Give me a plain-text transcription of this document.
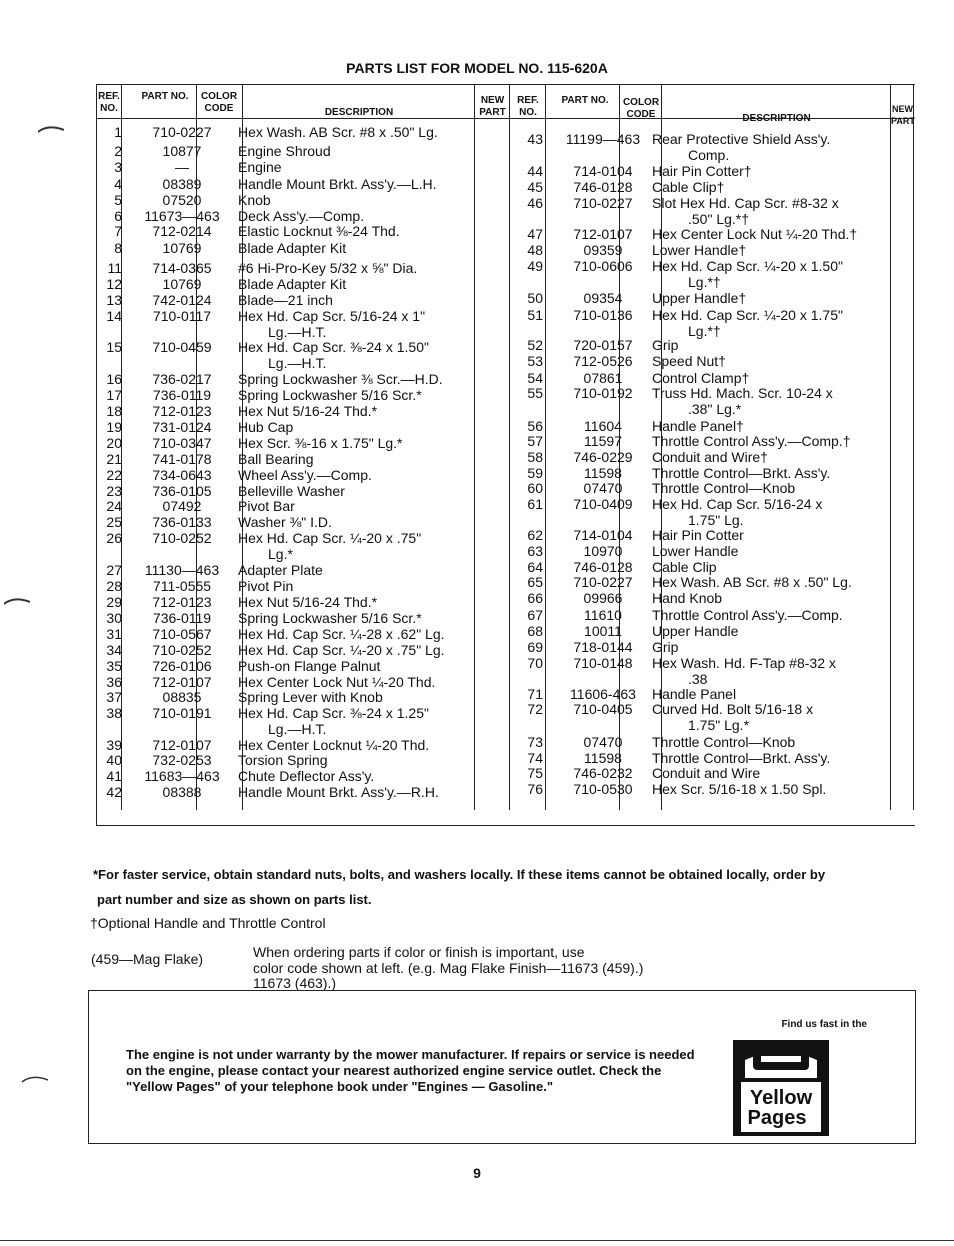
PARTS LIST FOR MODEL NO. 115-620A
REF. NO.
PART NO. COLOR CODE	DESCRIPTION
NEW PART
REF. NO.
PART NO. COLOR CODE	DESCRIPTION
NEW PART
1	710-0227	Hex Wash. AB Scr. #8 x .50" Lg.
2	10877	Engine Shroud
3	—	Engine
4	08389	Handle Mount Brkt. Ass'y.—L.H.
5	07520	Knob
6	11673—463	Deck Ass'y.—Comp.
7	712-0214	Elastic Locknut ⅜-24 Thd.
8	10769	Blade Adapter Kit
11	714-0365	#6 Hi-Pro-Key 5/32 x ⅝" Dia.
12	10769	Blade Adapter Kit
13	742-0124	Blade—21 inch
14	710-0117	Hex Hd. Cap Scr. 5/16-24 x 1"
Lg.—H.T.
15	710-0459	Hex Hd. Cap Scr. ⅜-24 x 1.50"
Lg.—H.T.
16	736-0217	Spring Lockwasher ⅜ Scr.—H.D.
17	736-0119	Spring Lockwasher 5/16 Scr.*
18	712-0123	Hex Nut 5/16-24 Thd.*
19	731-0124	Hub Cap
20	710-0347	Hex Scr. ⅜-16 x 1.75" Lg.*
21	741-0178	Ball Bearing
22	734-0643	Wheel Ass'y.—Comp.
23	736-0105	Belleville Washer
24	07492	Pivot Bar
25	736-0133	Washer ⅜" I.D.
26	710-0252	Hex Hd. Cap Scr. ¼-20 x .75"
Lg.*
27	11130—463	Adapter Plate
28	711-0555	Pivot Pin
29	712-0123	Hex Nut 5/16-24 Thd.*
30	736-0119	Spring Lockwasher 5/16 Scr.*
31	710-0567	Hex Hd. Cap Scr. ¼-28 x .62" Lg.
34	710-0252	Hex Hd. Cap Scr. ¼-20 x .75" Lg.
35	726-0106	Push-on Flange Palnut
36	712-0107	Hex Center Lock Nut ¼-20 Thd.
37	08835	Spring Lever with Knob
38	710-0191	Hex Hd. Cap Scr. ⅜-24 x 1.25"
Lg.—H.T.
39	712-0107	Hex Center Locknut ¼-20 Thd.
40	732-0253	Torsion Spring
41	11683—463	Chute Deflector Ass'y.
42	08388	Handle Mount Brkt. Ass'y.—R.H.
43	11199—463 Rear Protective Shield Ass'y.
Comp.
44	714-0104	Hair Pin Cotter†
45	746-0128	Cable Clip†
46	710-0227	Slot Hex Hd. Cap Scr. #8-32 x
.50" Lg.*†
47	712-0107	Hex Center Lock Nut ¼-20 Thd.†
48	09359	Lower Handle†
49	710-0606	Hex Hd. Cap Scr. ¼-20 x 1.50"
Lg.*†
50	09354	Upper Handle†
51	710-0136	Hex Hd. Cap Scr. ¼-20 x 1.75"
Lg.*†
52	720-0157	Grip
53	712-0526	Speed Nut†
54	07861	Control Clamp†
55	710-0192	Truss Hd. Mach. Scr. 10-24 x
.38" Lg.*
56	11604	Handle Panel†
57	11597	Throttle Control Ass'y.—Comp.†
58	746-0229	Conduit and Wire†
59	11598	Throttle Control—Brkt. Ass'y.
60	07470	Throttle Control—Knob
61	710-0409	Hex Hd. Cap Scr. 5/16-24 x
1.75" Lg.
62	714-0104	Hair Pin Cotter
63	10970	Lower Handle
64	746-0128	Cable Clip
65	710-0227	Hex Wash. AB Scr. #8 x .50" Lg.
66	09966	Hand Knob
67	11610	Throttle Control Ass'y.—Comp.
68	10011	Upper Handle
69	718-0144	Grip
70	710-0148	Hex Wash. Hd. F-Tap #8-32 x
.38
71	11606-463	Handle Panel
72	710-0405	Curved Hd. Bolt 5/16-18 x
1.75" Lg.*
73	07470	Throttle Control—Knob
74	11598	Throttle Control—Brkt. Ass'y.
75	746-0232	Conduit and Wire
76	710-0530	Hex Scr. 5/16-18 x 1.50 Spl.
*For faster service, obtain standard nuts, bolts, and washers locally. If these items cannot be obtained locally, order by
part number and size as shown on parts list.
†Optional Handle and Throttle Control
(459—Mag Flake)	When ordering parts if color or finish is important, use
color code shown at left. (e.g. Mag Flake Finish—11673 (459).)
11673 (463).)
The engine is not under warranty by the mower manufacturer. If repairs or service is needed
on the engine, please contact your nearest authorized engine service outlet. Check the
"Yellow Pages" of your telephone book under "Engines — Gasoline."
Find us fast in the
Yellow
Pages
9
